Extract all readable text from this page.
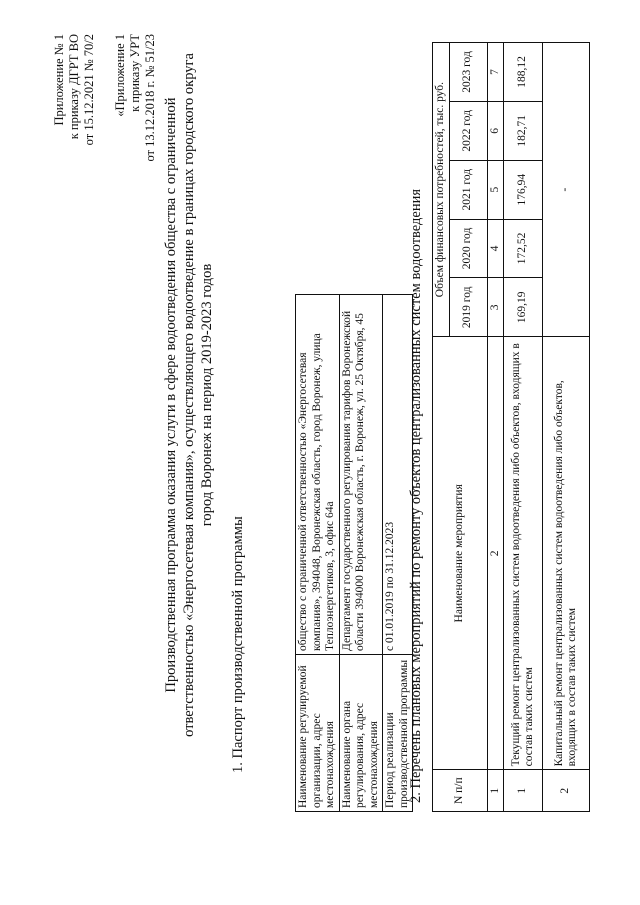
Приложение № 1 к приказу ДГРТ ВО от 15.12.2021 № 70/2 «Приложение 1 к приказу УРТ от 13.12.2018 г. № 51/23 Производственная программа оказания услуги в сфере водоотведения общества с ограниченной ответственностью «Энергосетевая компания», осуществляющего водоотведение в границах городского округа город Воронеж на период 2019-2023 годов
1. Паспорт производственной программы	Наименование регулируемой организации, адрес местонахождения	общество с ограниченной ответственностью «Энергосетевая компания», 394048, Воронежская область, город Воронеж, улица Теплоэнергетиков, 3, офис 64а
Наименование органа регулирования, адрес местонахождения	Департамент государственного регулирования тарифов Воронежской области 394000 Воронежская область, г. Воронеж, ул. 25 Октября, 45
Период реализации производственной программы	с 01.01.2019 по 31.12.2023 2. Перечень плановых мероприятий по ремонту объектов централизованных систем водоотведения	N п/п	Наименование мероприятия	Объем финансовых потребностей, тыс. руб.				
		2019 год	2020 год	2021 год	2022 год	2023 год
1	2	3	4	5	6	7
1	Текущий ремонт централизованных систем водоотведения либо объектов, входящих в состав таких систем	169,19	172,52	176,94	182,71	188,12
2	Капитальный ремонт централизованных систем водоотведения либо объектов, входящих в состав таких систем	-				
